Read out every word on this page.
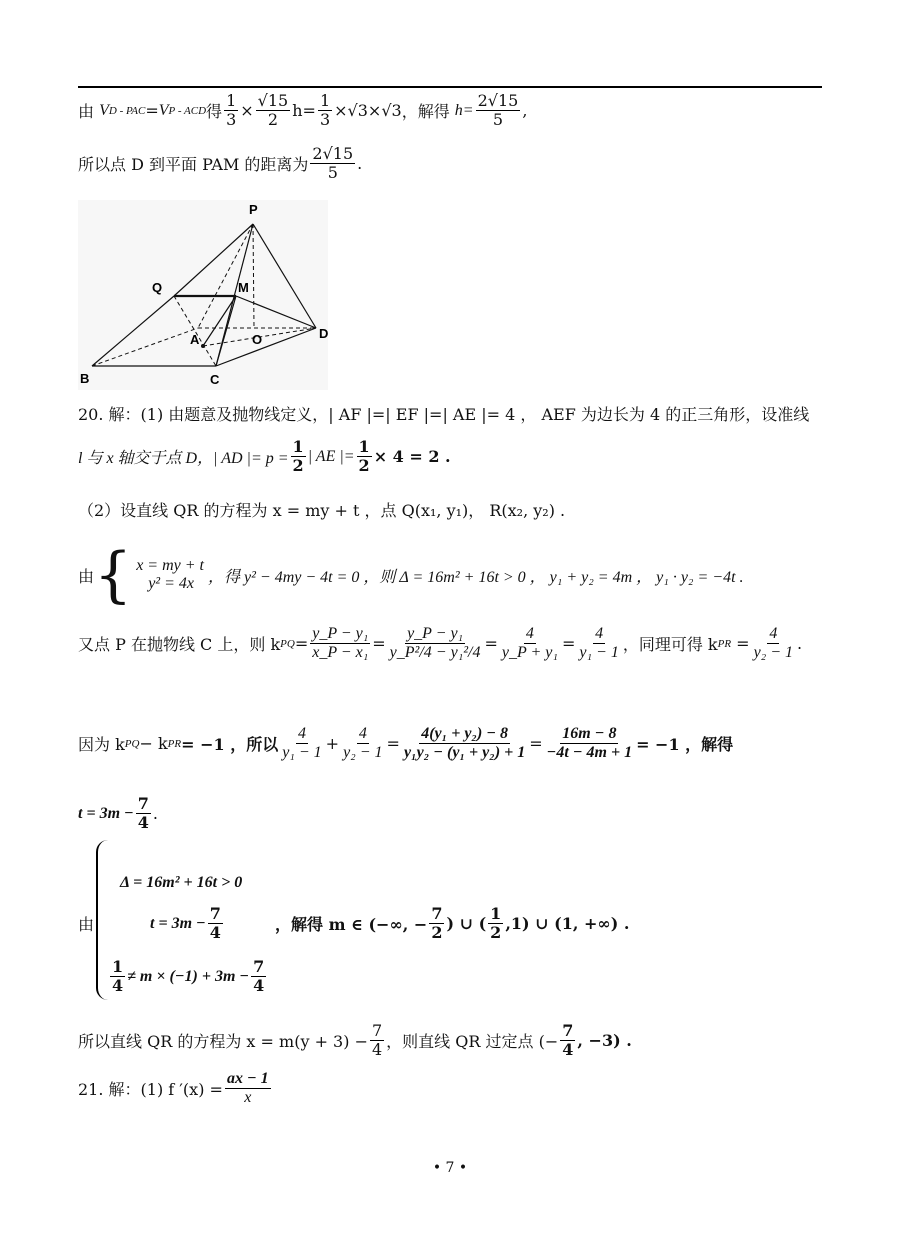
由
V D - PAC = V P - ACD 得 $\frac{1}{3} \times \frac{√15}{2} h= \frac{1}{3} \times√3\times√3$ ，解得
$h= \frac{2√15}{5}$ ,
所以点 D 到平面 PAM 的距离为 $\frac{2√15}{5}$ .
P
Q	M
A	O	D
B	C
20. 解：(1) 由题意及抛物线定义，| AF |=| EF |=| AE |= 4 ， AEF 为边长为 4 的正三角形，设准线
l 与 x 轴交于点 D，| AD |= $p = \frac{1}{2}$ | AE |= $\frac{1}{2} \times 4 = 2$ .
（2）设直线 QR 的方程为 x = my + t ，点 Q(x₁, y₁)， R(x₂, y₂) .
由 { x = my + t
y² = 4x ，得 y² − 4my − 4t = 0 ，则 Δ = 16m² + 16t > 0 ， y₁ + y₂ = 4m ， y₁ · y₂ = −4t .
又点 P 在抛物线 C 上，则 k PQ = $\frac{\text{y\_P − y₁}}{\text{x\_P − x₁}} = \frac{\text{y\_P − y₁}}{\text{y\_P²/4 − y₁²/4}} = \frac{4}{\text{y\_P + y₁}} = \frac{4}{\text{y₁ − 1}}$ ，同理可得 k PR = $\frac{4}{\text{y₂ − 1}}$ .
因为 k PQ − k PR = −1 ，所以 $\frac{4}{\text{y₁ − 1}} + \frac{4}{\text{y₂ − 1}} = \frac{\text{4(y₁ + y₂) − 8}}{\text{y₁y₂ − (y₁ + y₂) + 1}} = \frac{16m - 8}{-4t - 4m + 1} = -1$ ，解得
$t = 3m - \frac{7}{4}$ .
由
Δ = 16m² + 16t > 0
$t = 3m - \frac{7}{4}$
$\frac{1}{4} \ne m \times (-1) + 3m - \frac{7}{4}$
，解得 m ∈ (−∞, − $\frac{7}{2}$ ) ∪ ( $\frac{1}{2} ,1$) ∪ (1, +∞) .
所以直线 QR 的方程为 $x = m(y + 3) - \frac{7}{4}$ ，则直线 QR 过定点 (− $\frac{7}{4}$ , −3) .
21. 解：(1) f $'(x) = \frac{ax - 1}{x}$
• 7 •
